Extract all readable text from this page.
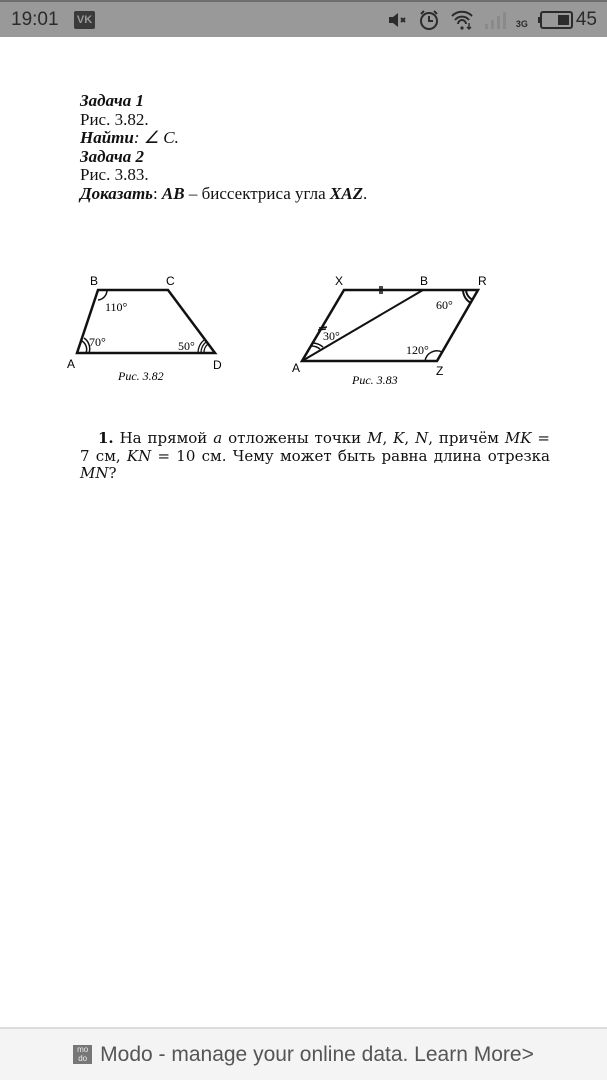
19:01 VK	3G	45
Задача 1
Рис. 3.82.
Найти: ∠ C.
Задача 2
Рис. 3.83.
Доказать: AB – биссектриса угла XAZ.
B	C
A	D
110°
70°	50°
Рис. 3.82
X	B	R
A	Z
30°
60°
120°
Рис. 3.83
1. На прямой a отложены точки M, K, N, причём MK = 7 см, KN = 10 см. Чему может быть равна длина отрезка MN?
mo
do Modo - manage your online data. Learn More>
